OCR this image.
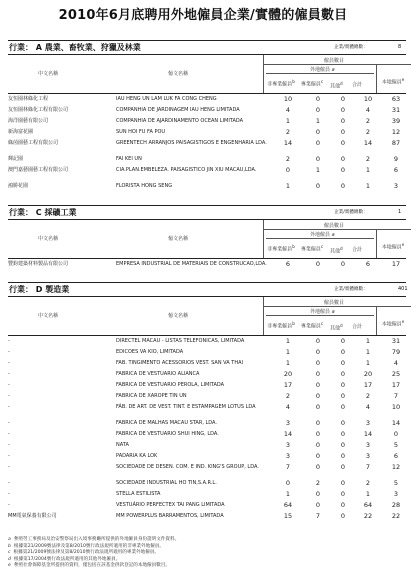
2010年6月底聘用外地僱員企業/實體的僱員數目
行業： A 農業、畜牧業、狩獵及林業	企業/實體總數：	8
中文名稱	葡文名稱
僱員數目
外地僱員 a
非專業僱員$^b$
專業僱員$^c$
其他$^d$ 合計	本地僱員$^e$
友恒園林綠化工程	IAU HENG UN LAM LUK FA CONG CHENG	10	0	0	10	63
友恒園林綠化工程有限公司	COMPANHIA DE JARDINAGEM IAU HENG LIMITADA	4	0	0	4	31
海洋園藝有限公司	COMPANHIA DE AJARDINAMENTO OCEAN LIMITADA	1	1	0	2	39
新海富花圃	SUN HOI FU FA POU	2	0	0	2	12
綠茵園藝工程有限公司	GREENTECH ARRANJOS PAISAGISTIGOS E ENGENHARIA LDA.	14	0	0	14	87
輝記園	FAI KEI UN	2	0	0	2	9
澳門嘉藝園藝工程有限公司	CIA.PLAN.EMBELEZA. PAISAGISTICO JIN XIU MACAU,LDA.	0	1	0	1	6
鴻勝花園	FLORISTA HONG SENG	1	0	0	1	3
行業： C 採礦工業	企業/實體總數：	1
中文名稱	葡文名稱
僱員數目
外地僱員 a
非專業僱員$^b$
專業僱員$^c$
其他$^d$ 合計	本地僱員$^e$
豐鈞建築材料製品有限公司	EMPRESA INDUSTRIAL DE MATERIAIS DE CONSTRUCAO,LDA.	6	0	0	6	17
行業： D 製造業	企業/實體總數：	401
中文名稱	葡文名稱
僱員數目
外地僱員 a
非專業僱員$^b$
專業僱員$^c$
其他$^d$ 合計	本地僱員$^e$
-	DIRECTEL MACAU - LISTAS TELEFONICAS, LIMITADA	1	0	0	1	31
-	EDICOES VA KIO, LIMITADA	1	0	0	1	79
-	FAB. TINGIMENTO ACESSORIOS VEST. SAN VA THAI	1	0	0	1	4
-	FABRICA DE VESTUARIO ALIANCA	20	0	0	20	25
-	FABRICA DE VESTUARIO PEROLA, LIMITADA	17	0	0	17	17
-	FABRICA DE XAROPE TIN UN	2	0	0	2	7
-	FÁB. DE ART. DE VEST. TINT. E ESTAMPAGEM LOTUS LDA	4	0	0	4	10
-	FABRICA DE MALHAS MACAU STAR, LDA.	3	0	0	3	14
-	FABRICA DE VESTUARIO SHUI HING, LDA.	14	0	0	14	0
-	NATA	3	0	0	3	5
-	PADARIA KA LOK	3	0	0	3	6
-	SOCIEDADE DE DESEN. COM. E IND. KING'S GROUP, LDA.	7	0	0	7	12
-	SOCIEDADE INDUSTRIAL HO TIN,S.A.R.L.	0	2	0	2	5
-	STELLA ESTILISTA	1	0	0	1	3
-	VESTUÁRIO PERFECTEX TAI PANG LIMITADA	64	0	0	64	28
MM電氣保養有限公司	MM POWERPLUS BARRAMENTOS, LIMITADA	15	7	0	22	22
a 參照勞工事務局及治安警察局出入境事務廳所提供的外地僱員身份證明文件資料。
b 根據第21/2009號法律及第8/2010號行政法規所適用的非專業外地僱員。
c 根據第21/2009號法律及第8/2010號行政法規所適用的專業外地僱員。
d 根據第17/2004號行政法規所適用的其他外地僱員。
e 參照社會保障基金所提供的資料，僅包括在該基金供款登記的本地僱員數目。
